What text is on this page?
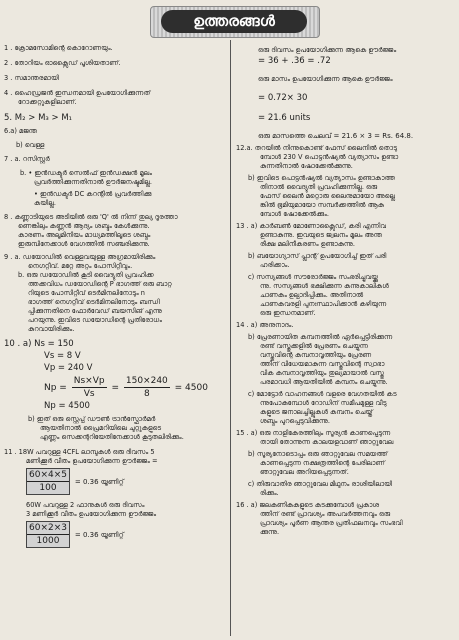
ഉത്തരങ്ങൾ
1 . ക്രോമസോമിന്റെ കൊറോണയും.
2 . തോറിയം ഓക്സൈഡ് പൂശിയതാണ്.
3 . സമാന്തരമായി
4 . ഹൈഡ്രജൻ ഇന്ധനമായി ഉപയോഗിക്കുന്നത്
റോക്കറ്റുകളിലാണ്.
5. M₂ > M₃ > M₁
6.a) മജന്ത
b) വെള്ള
7 . a. റസിസ്റ്റർ
b. • ഇൻഡക്ടർ സെൽഫ് ഇൻഡക്ഷൻ മൂലം
പ്രവർത്തിക്കുന്നതിനാൽ ഊർജനഷ്ടമില്ല.
• ഇൻഡക്ടർ DC കറന്റിൽ പ്രവർത്തിക്കു
കയില്ല.
8 . കണ്ണാടിയുടെ അടിയിൽ ഒരു 'Q' ൽ നിന്ന് തുല്യ ദൂരത്താ
ണെങ്കിലും കണ്ണൻ ആദ്യം ശബ്ദം കേൾക്കുന്നു.
കാരണം അലൂമിനിയം മാധ്യമത്തിലൂടെ ശബ്ദം
ഇരുമ്പിനേക്കാൾ വേഗത്തിൽ സഞ്ചരിക്കുന്നു.
9 . a. ഡയോഡിൽ വെള്ളവയുള്ള അഗ്രമായിരിക്കും
നെഗറ്റീവ്. മറ്റേ അറ്റം പോസിറ്റീവും.
b. ഒരു ഡയോഡിൽ കൂടി വൈദ്യുതി പ്രവഹിക്ക
ത്തക്കവിധം ഡയോഡിന്റെ P ഭാഗത്ത് ഒരു ബാറ്റ
റിയുടെ പോസിറ്റീവ് ടെർമിനലിനോടും n
ഭാഗത്ത് നെഗറ്റീവ് ടെർമിനലിനോടും ബന്ധി
പ്പിക്കുന്നതിനെ ഫോർവേഡ് ബയസിങ് എന്നു
പറയുന്നു. ഇവിടെ ഡയോഡിന്റെ പ്രതിരോധം
കുറവായിരിക്കും.
10 . a) Ns = 150
Vs = 8 V
Vp = 240 V
$Np = \frac{Ns\times Vp}{Vs} = \frac{150\times 240}{8} = 4500$
Np = 4500
b) ഇത് ഒരു സ്റ്റെപ്പ് ഡൗൺ ട്രാൻസ്ഫോർമർ
ആയതിനാൽ പ്രൈമറിയിലെ ചുറ്റുകളുടെ
എണ്ണം സെക്കന്ററിയേതിനേക്കാൾ കൂടുതലിരിക്കും.
11 . 18W പവറുള്ള 4CFL ലാമ്പുകൾ ഒരു ദിവസം 5
മണിക്കൂർ വീതം ഉപയോഗിക്കുന്ന ഊർജ്ജം =
$\frac{60\times 4\times 5}{100} = 0.36$ യൂണിറ്റ്
60W പവറുള്ള 2 ഫാനുകൾ ഒരു ദിവസം
3 മണിക്കൂർ വീതം ഉപയോഗിക്കുന്ന ഊർജ്ജം
$\frac{60\times 2\times 3}{1000} = 0.36$ യൂണിറ്റ്
ഒരു ദിവസം ഉപയോഗിക്കുന്ന ആകെ ഊർജ്ജം
= 36 + .36 = .72
ഒരു മാസം ഉപയോഗിക്കുന്ന ആകെ ഊർജ്ജം
= 0.72× 30
= 21.6 units
ഒരു മാസത്തെ ചെലവ് = 21.6 × 3 = Rs. 64.8.
12.a. തറയിൽ നിന്നുകൊണ്ട് ഫേസ് ലൈനിൽ തൊടു
മ്പോൾ 230 V പൊട്ടൻഷ്യൽ വ്യത്യാസം ഉണ്ടാ
കുന്നതിനാൽ ഷോക്കേൽക്കുന്നു.
b) ഇവിടെ പൊട്ടൻഷ്യൽ വ്യത്യാസം ഉണ്ടാകാത്ത
തിനാൽ വൈദ്യുതി പ്രവഹിക്കുന്നില്ല. ഒരു
ഫേസ് ലൈൻ മറ്റൊരു ലൈനുമായോ അല്ലെ
ങ്കിൽ ഭൂമിയുമായോ സമ്പർക്കത്തിൽ ആകു
മ്പോൾ ഷോക്കേൽക്കും.
13 . a) കാർബൺ മോണോക്സൈഡ്, കരി എന്നിവ
ഉണ്ടാകുന്നു. ഇവയുടെ ജ്വലനം മൂലം അന്ത
രീക്ഷ മലിനീകരണം ഉണ്ടാകുന്നു.
b) ബയോഗ്യാസ് പ്ലാന്റ് ഉപയോഗിച്ച് ഇത് പരി
ഹരിക്കാം.
c) സസ്യങ്ങൾ സൗരോർജ്ജം സംഭരിച്ചുവയ്ക്കു
ന്നു. സസ്യങ്ങൾ ഭക്ഷിക്കുന്ന കന്നുകാലികൾ
ചാണകം ഉല്പാദിപ്പിക്കും. അതിനാൽ
ചാണകവരളി പുനഃസ്ഥാപിക്കാൻ കഴിയുന്ന
ഒരു ഇന്ധനമാണ്.
14 . a) അനുനാദം.
b) പ്രേരണായിത കമ്പനത്തിൽ ഏർപ്പെട്ടിരിക്കുന്ന
രണ്ട് വസ്തുക്കളിൽ പ്രേരണം ചെയ്യുന്ന
വസ്തുവിന്റെ കമ്പനാവൃത്തിയും പ്രേരണ
ത്തിന് വിധേയമാകുന്ന വസ്തുവിന്റെ സ്വാഭാ
വിക കമ്പനാവൃത്തിയും തുല്യമായാൽ വസ്തു
പരമാവധി ആയതിയിൽ കമ്പനം ചെയ്യുന്നു.
c) മോട്ടോർ വാഹനങ്ങൾ വളരെ വേഗതയിൽ കട
ന്നുപോകുമ്പോൾ റോഡിന് സമീപമുള്ള വീടു
കളുടെ ജനാലച്ചില്ലുകൾ കമ്പനം ചെയ്ത്
ശബ്ദം പുറപ്പെടുവിക്കുന്നു.
15 . a) ഒരു നാളികേരത്തിലും സൂര്യൻ കാണപ്പെടുന്ന
തായി തോന്നുന്ന കാലയളവാണ് ഞാറ്റുവേല
b) സൂര്യനോടൊപ്പം ഒരു ഞാറ്റുവേല സമയത്ത്
കാണപ്പെടുന്ന നക്ഷത്രത്തിന്റെ പേരിലാണ്
ഞാറ്റുവേല അറിയപ്പെടുന്നത്.
c) തിരുവാതിര ഞാറ്റുവേല മിഥുനം രാശിയിലായി
രിക്കും.
16 . a) ജലകണികകളുടെ കടക്കുമ്പോൾ പ്രകാശ
ത്തിന് രണ്ട് പ്രാവശ്യം അപവർത്തനവും ഒരു
പ്രാവശ്യം പൂർണ ആന്തര പ്രതിഫലനവും സംഭവി
ക്കുന്നു.
